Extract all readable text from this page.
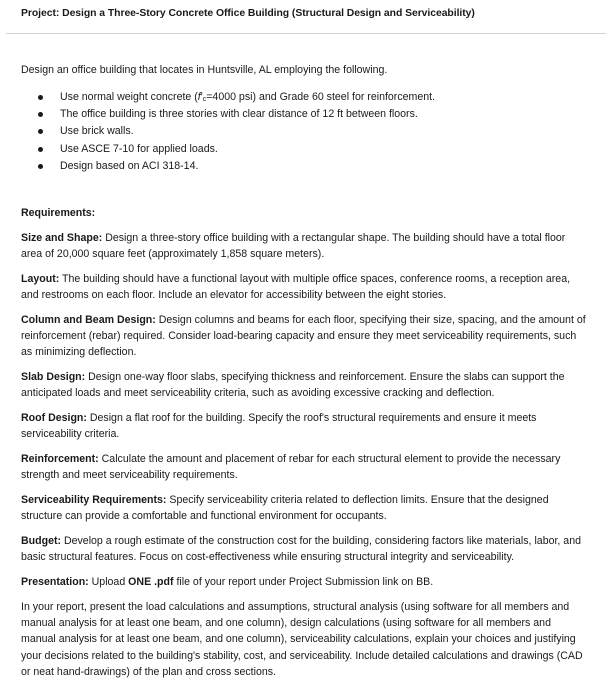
Project: Design a Three-Story Concrete Office Building (Structural Design and Serviceability)
Design an office building that locates in Huntsville, AL employing the following.
Use normal weight concrete (f′c=4000 psi) and Grade 60 steel for reinforcement.
The office building is three stories with clear distance of 12 ft between floors.
Use brick walls.
Use ASCE 7-10 for applied loads.
Design based on ACI 318-14.
Requirements:

Size and Shape: Design a three-story office building with a rectangular shape. The building should have a total floor area of 20,000 square feet (approximately 1,858 square meters).

Layout: The building should have a functional layout with multiple office spaces, conference rooms, a reception area, and restrooms on each floor. Include an elevator for accessibility between the eight stories.

Column and Beam Design: Design columns and beams for each floor, specifying their size, spacing, and the amount of reinforcement (rebar) required. Consider load-bearing capacity and ensure they meet serviceability requirements, such as minimizing deflection.

Slab Design: Design one-way floor slabs, specifying thickness and reinforcement. Ensure the slabs can support the anticipated loads and meet serviceability criteria, such as avoiding excessive cracking and deflection.

Roof Design: Design a flat roof for the building. Specify the roof's structural requirements and ensure it meets serviceability criteria.

Reinforcement: Calculate the amount and placement of rebar for each structural element to provide the necessary strength and meet serviceability requirements.

Serviceability Requirements: Specify serviceability criteria related to deflection limits. Ensure that the designed structure can provide a comfortable and functional environment for occupants.

Budget: Develop a rough estimate of the construction cost for the building, considering factors like materials, labor, and basic structural features. Focus on cost-effectiveness while ensuring structural integrity and serviceability.

Presentation: Upload ONE .pdf file of your report under Project Submission link on BB.

In your report, present the load calculations and assumptions, structural analysis (using software for all members and manual analysis for at least one beam, and one column), design calculations (using software for all members and manual analysis for at least one beam, and one column), serviceability calculations, explain your choices and justifying your decisions related to the building's stability, cost, and serviceability. Include detailed calculations and drawings (CAD or neat hand-drawings) of the plan and cross sections.
